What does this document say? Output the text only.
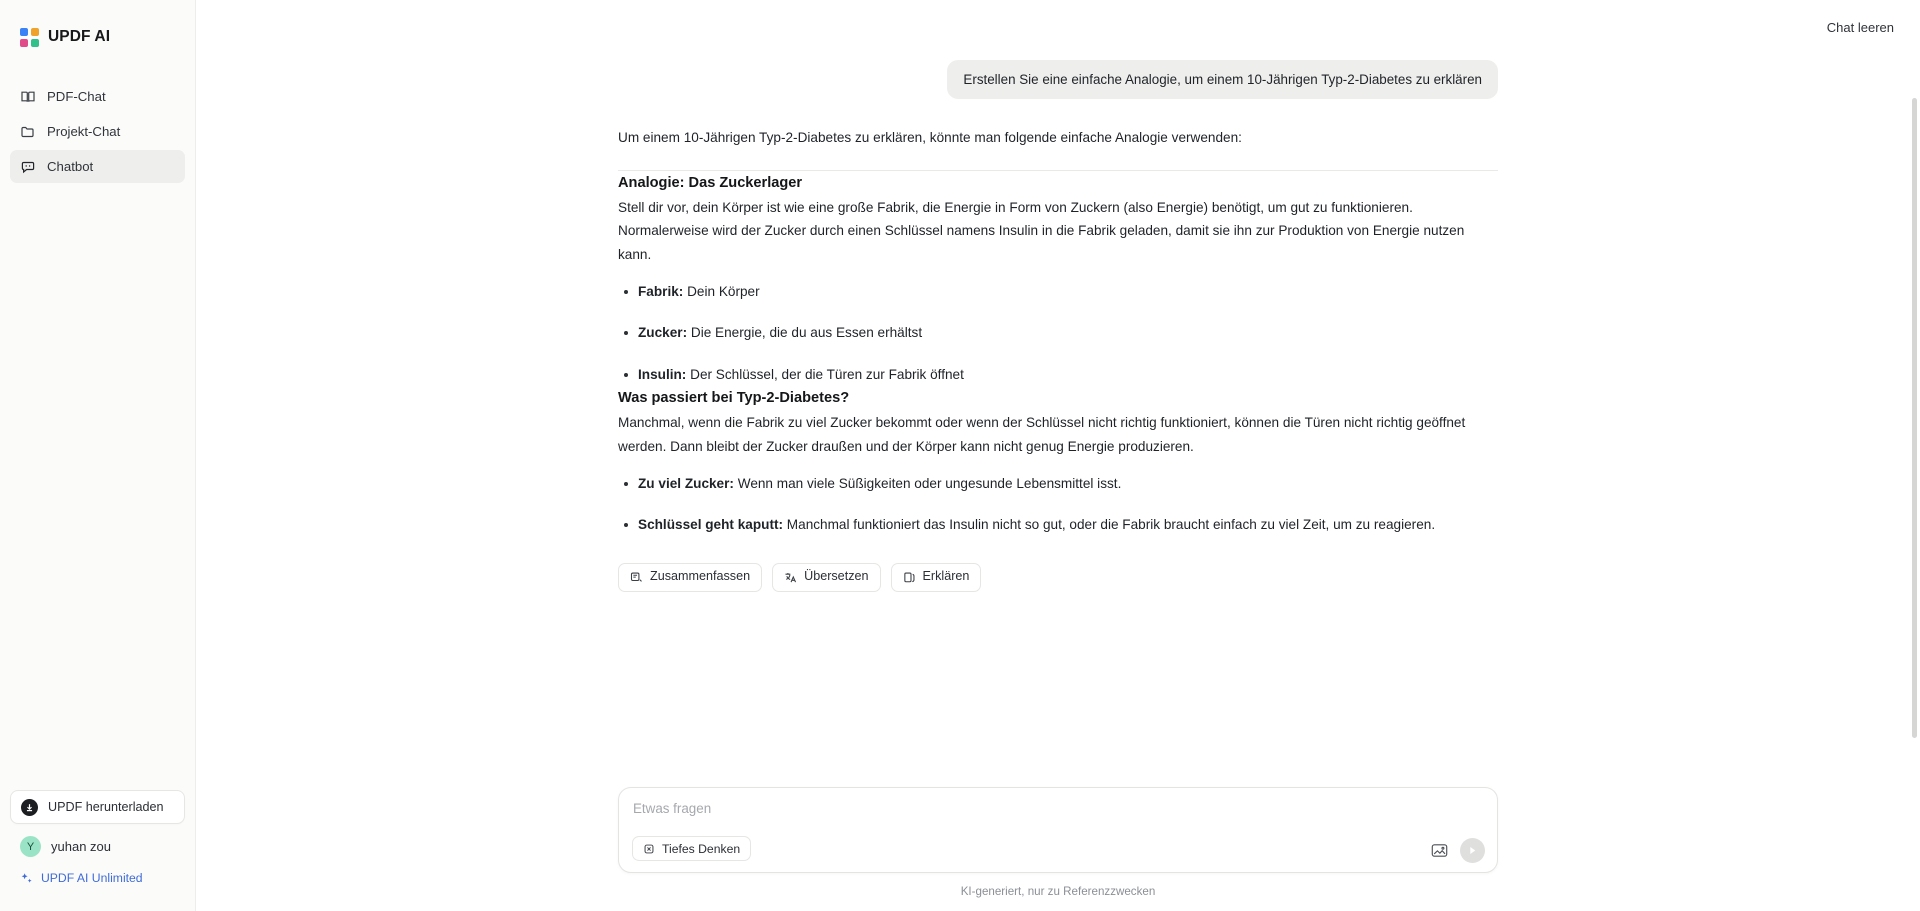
UPDF AI
PDF-Chat
Projekt-Chat
Chatbot
UPDF herunterladen
Y	yuhan zou
UPDF AI Unlimited
Chat leeren
Erstellen Sie eine einfache Analogie, um einem 10-Jährigen Typ-2-Diabetes zu erklären

Um einem 10-Jährigen Typ-2-Diabetes zu erklären, könnte man folgende einfache Analogie verwenden:

Analogie: Das Zuckerlager

Stell dir vor, dein Körper ist wie eine große Fabrik, die Energie in Form von Zuckern (also Energie) benötigt, um gut zu funktionieren. Normalerweise wird der Zucker durch einen Schlüssel namens Insulin in die Fabrik geladen, damit sie ihn zur Produktion von Energie nutzen kann.

Fabrik: Dein Körper
Zucker: Die Energie, die du aus Essen erhältst
Insulin: Der Schlüssel, der die Türen zur Fabrik öffnet

Was passiert bei Typ-2-Diabetes?

Manchmal, wenn die Fabrik zu viel Zucker bekommt oder wenn der Schlüssel nicht richtig funktioniert, können die Türen nicht richtig geöffnet werden. Dann bleibt der Zucker draußen und der Körper kann nicht genug Energie produzieren.

Zu viel Zucker: Wenn man viele Süßigkeiten oder ungesunde Lebensmittel isst.
Schlüssel geht kaputt: Manchmal funktioniert das Insulin nicht so gut, oder die Fabrik braucht einfach zu viel Zeit, um zu reagieren.
Zusammenfassen	Übersetzen	Erklären
Etwas fragen
Tiefes Denken
KI-generiert, nur zu Referenzzwecken
